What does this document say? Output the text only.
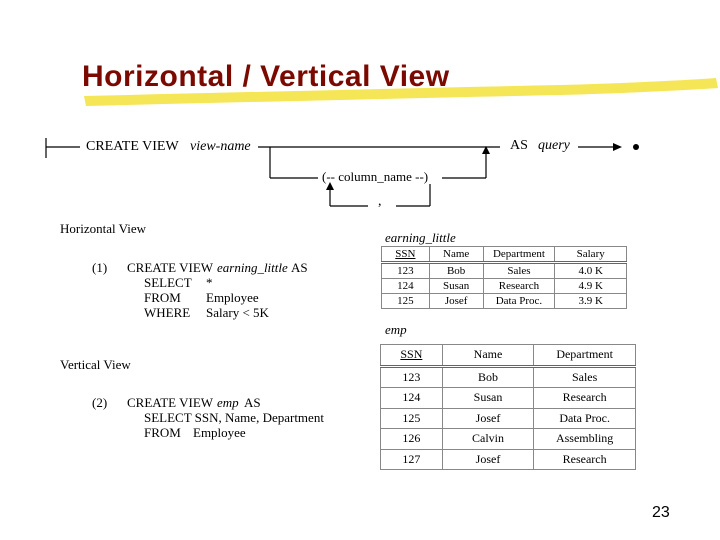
Horizontal / Vertical View
CREATE VIEW view-name	AS query
(-- column_name --)
,
Horizontal View
(1) CREATE VIEW earning_little AS
SELECT *
FROM Employee
WHERE Salary < 5K
Vertical View
(2) CREATE VIEW emp AS
SELECT SSN, Name, Department
FROM Employee
earning_little
SSN	Name	Department	Salary
123	Bob	Sales	4.0 K
124	Susan	Research	4.9 K
125	Josef	Data Proc.	3.9 K
emp
SSN	Name	Department
123	Bob	Sales
124	Susan	Research
125	Josef	Data Proc.
126	Calvin	Assembling
127	Josef	Research
23
